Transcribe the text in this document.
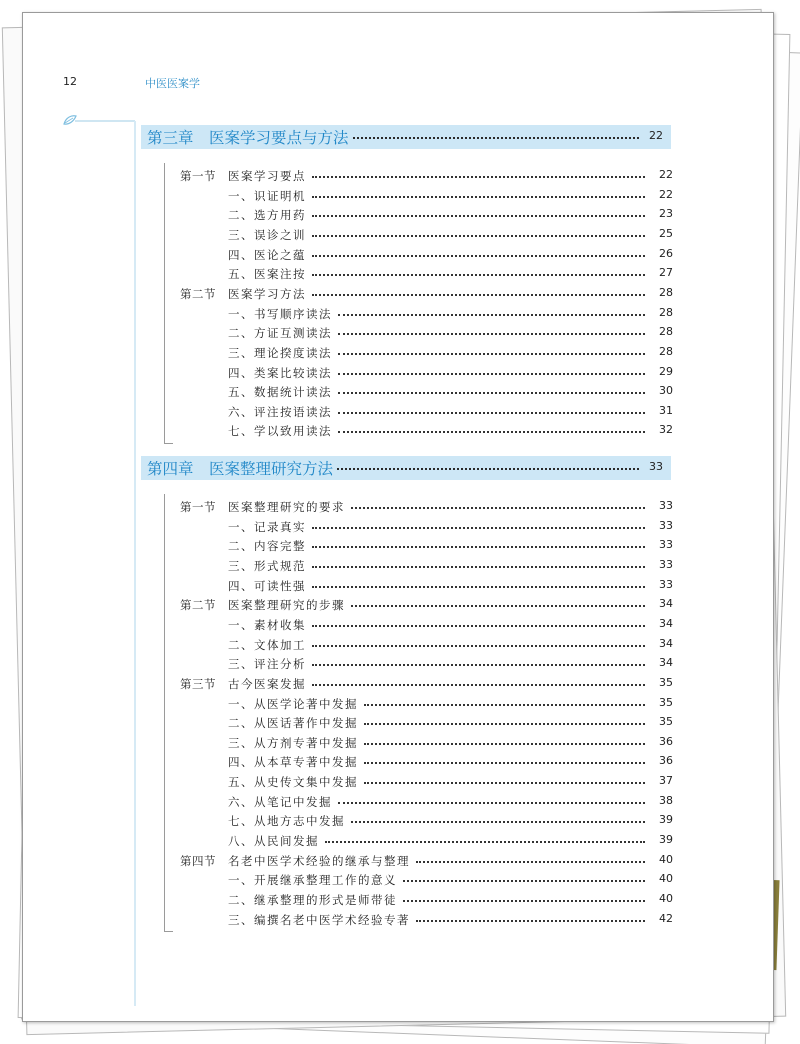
12	中医医案学
第三章　医案学习要点与方法	22
第一节 医案学习要点	22
一、识证明机	22
二、选方用药	23
三、误诊之训	25
四、医论之蕴	26
五、医案注按	27
第二节 医案学习方法	28
一、书写顺序读法	28
二、方证互测读法	28
三、理论揆度读法	28
四、类案比较读法	29
五、数据统计读法	30
六、评注按语读法	31
七、学以致用读法	32
第四章　医案整理研究方法	33
第一节 医案整理研究的要求	33
一、记录真实	33
二、内容完整	33
三、形式规范	33
四、可读性强	33
第二节 医案整理研究的步骤	34
一、素材收集	34
二、文体加工	34
三、评注分析	34
第三节 古今医案发掘	35
一、从医学论著中发掘	35
二、从医话著作中发掘	35
三、从方剂专著中发掘	36
四、从本草专著中发掘	36
五、从史传文集中发掘	37
六、从笔记中发掘	38
七、从地方志中发掘	39
八、从民间发掘	39
第四节 名老中医学术经验的继承与整理	40
一、开展继承整理工作的意义	40
二、继承整理的形式是师带徒	40
三、编撰名老中医学术经验专著	42
